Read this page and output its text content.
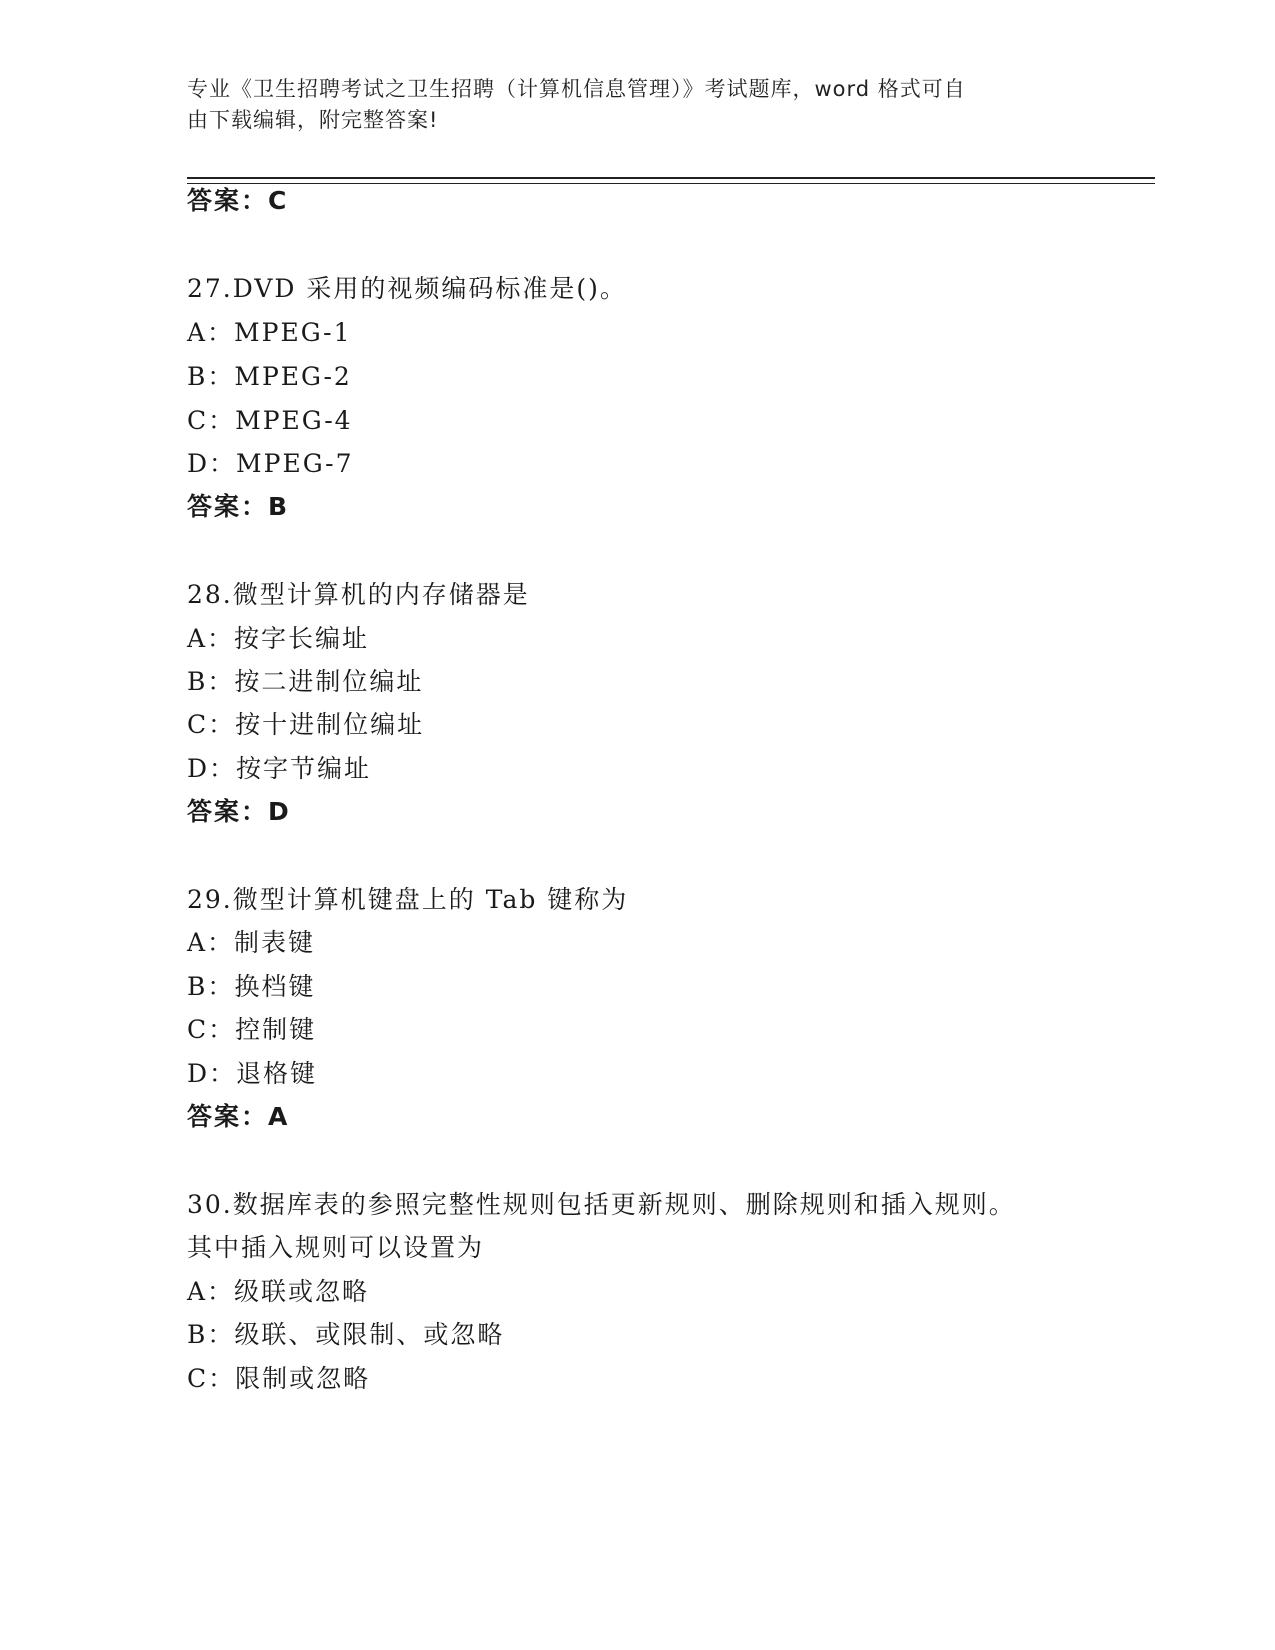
专业《卫生招聘考试之卫生招聘（计算机信息管理）》考试题库，word 格式可自
由下载编辑，附完整答案!
答案：C
27.DVD 采用的视频编码标准是()。
A：MPEG-1
B：MPEG-2
C：MPEG-4
D：MPEG-7
答案：B
28.微型计算机的内存储器是
A：按字长编址
B：按二进制位编址
C：按十进制位编址
D：按字节编址
答案：D
29.微型计算机键盘上的 Tab 键称为
A：制表键
B：换档键
C：控制键
D：退格键
答案：A
30.数据库表的参照完整性规则包括更新规则、删除规则和插入规则。
其中插入规则可以设置为
A：级联或忽略
B：级联、或限制、或忽略
C：限制或忽略
